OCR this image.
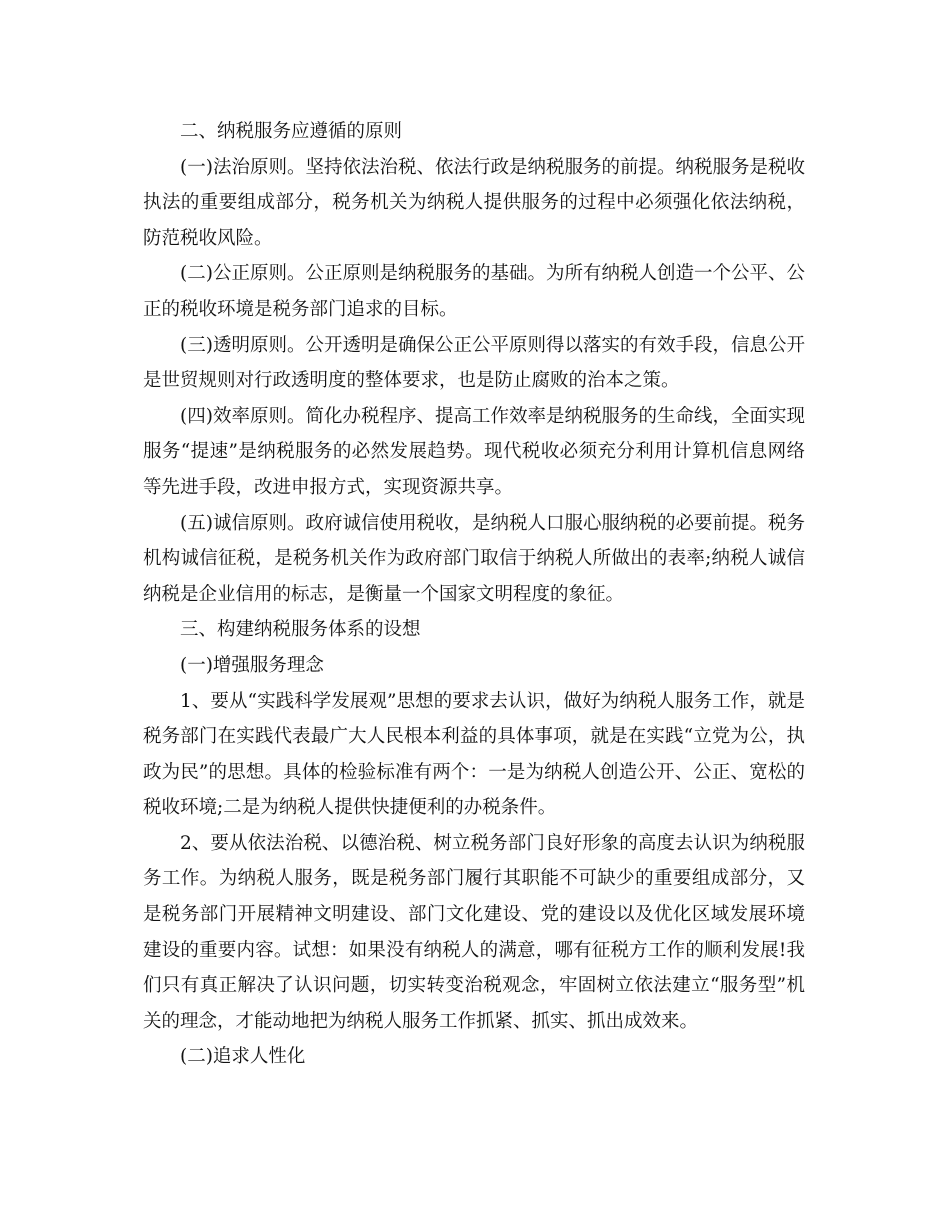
二、纳税服务应遵循的原则

(一)法治原则。坚持依法治税、依法行政是纳税服务的前提。纳税服务是税收执法的重要组成部分，税务机关为纳税人提供服务的过程中必须强化依法纳税，防范税收风险。

(二)公正原则。公正原则是纳税服务的基础。为所有纳税人创造一个公平、公正的税收环境是税务部门追求的目标。

(三)透明原则。公开透明是确保公正公平原则得以落实的有效手段，信息公开是世贸规则对行政透明度的整体要求，也是防止腐败的治本之策。

(四)效率原则。简化办税程序、提高工作效率是纳税服务的生命线，全面实现服务“提速”是纳税服务的必然发展趋势。现代税收必须充分利用计算机信息网络等先进手段，改进申报方式，实现资源共享。

(五)诚信原则。政府诚信使用税收，是纳税人口服心服纳税的必要前提。税务机构诚信征税，是税务机关作为政府部门取信于纳税人所做出的表率;纳税人诚信纳税是企业信用的标志，是衡量一个国家文明程度的象征。

三、构建纳税服务体系的设想

(一)增强服务理念

1、要从“实践科学发展观”思想的要求去认识，做好为纳税人服务工作，就是税务部门在实践代表最广大人民根本利益的具体事项，就是在实践“立党为公，执政为民”的思想。具体的检验标准有两个：一是为纳税人创造公开、公正、宽松的税收环境;二是为纳税人提供快捷便利的办税条件。

2、要从依法治税、以德治税、树立税务部门良好形象的高度去认识为纳税服务工作。为纳税人服务，既是税务部门履行其职能不可缺少的重要组成部分，又是税务部门开展精神文明建设、部门文化建设、党的建设以及优化区域发展环境建设的重要内容。试想：如果没有纳税人的满意，哪有征税方工作的顺利发展!我们只有真正解决了认识问题，切实转变治税观念，牢固树立依法建立“服务型”机关的理念，才能动地把为纳税人服务工作抓紧、抓实、抓出成效来。

(二)追求人性化
